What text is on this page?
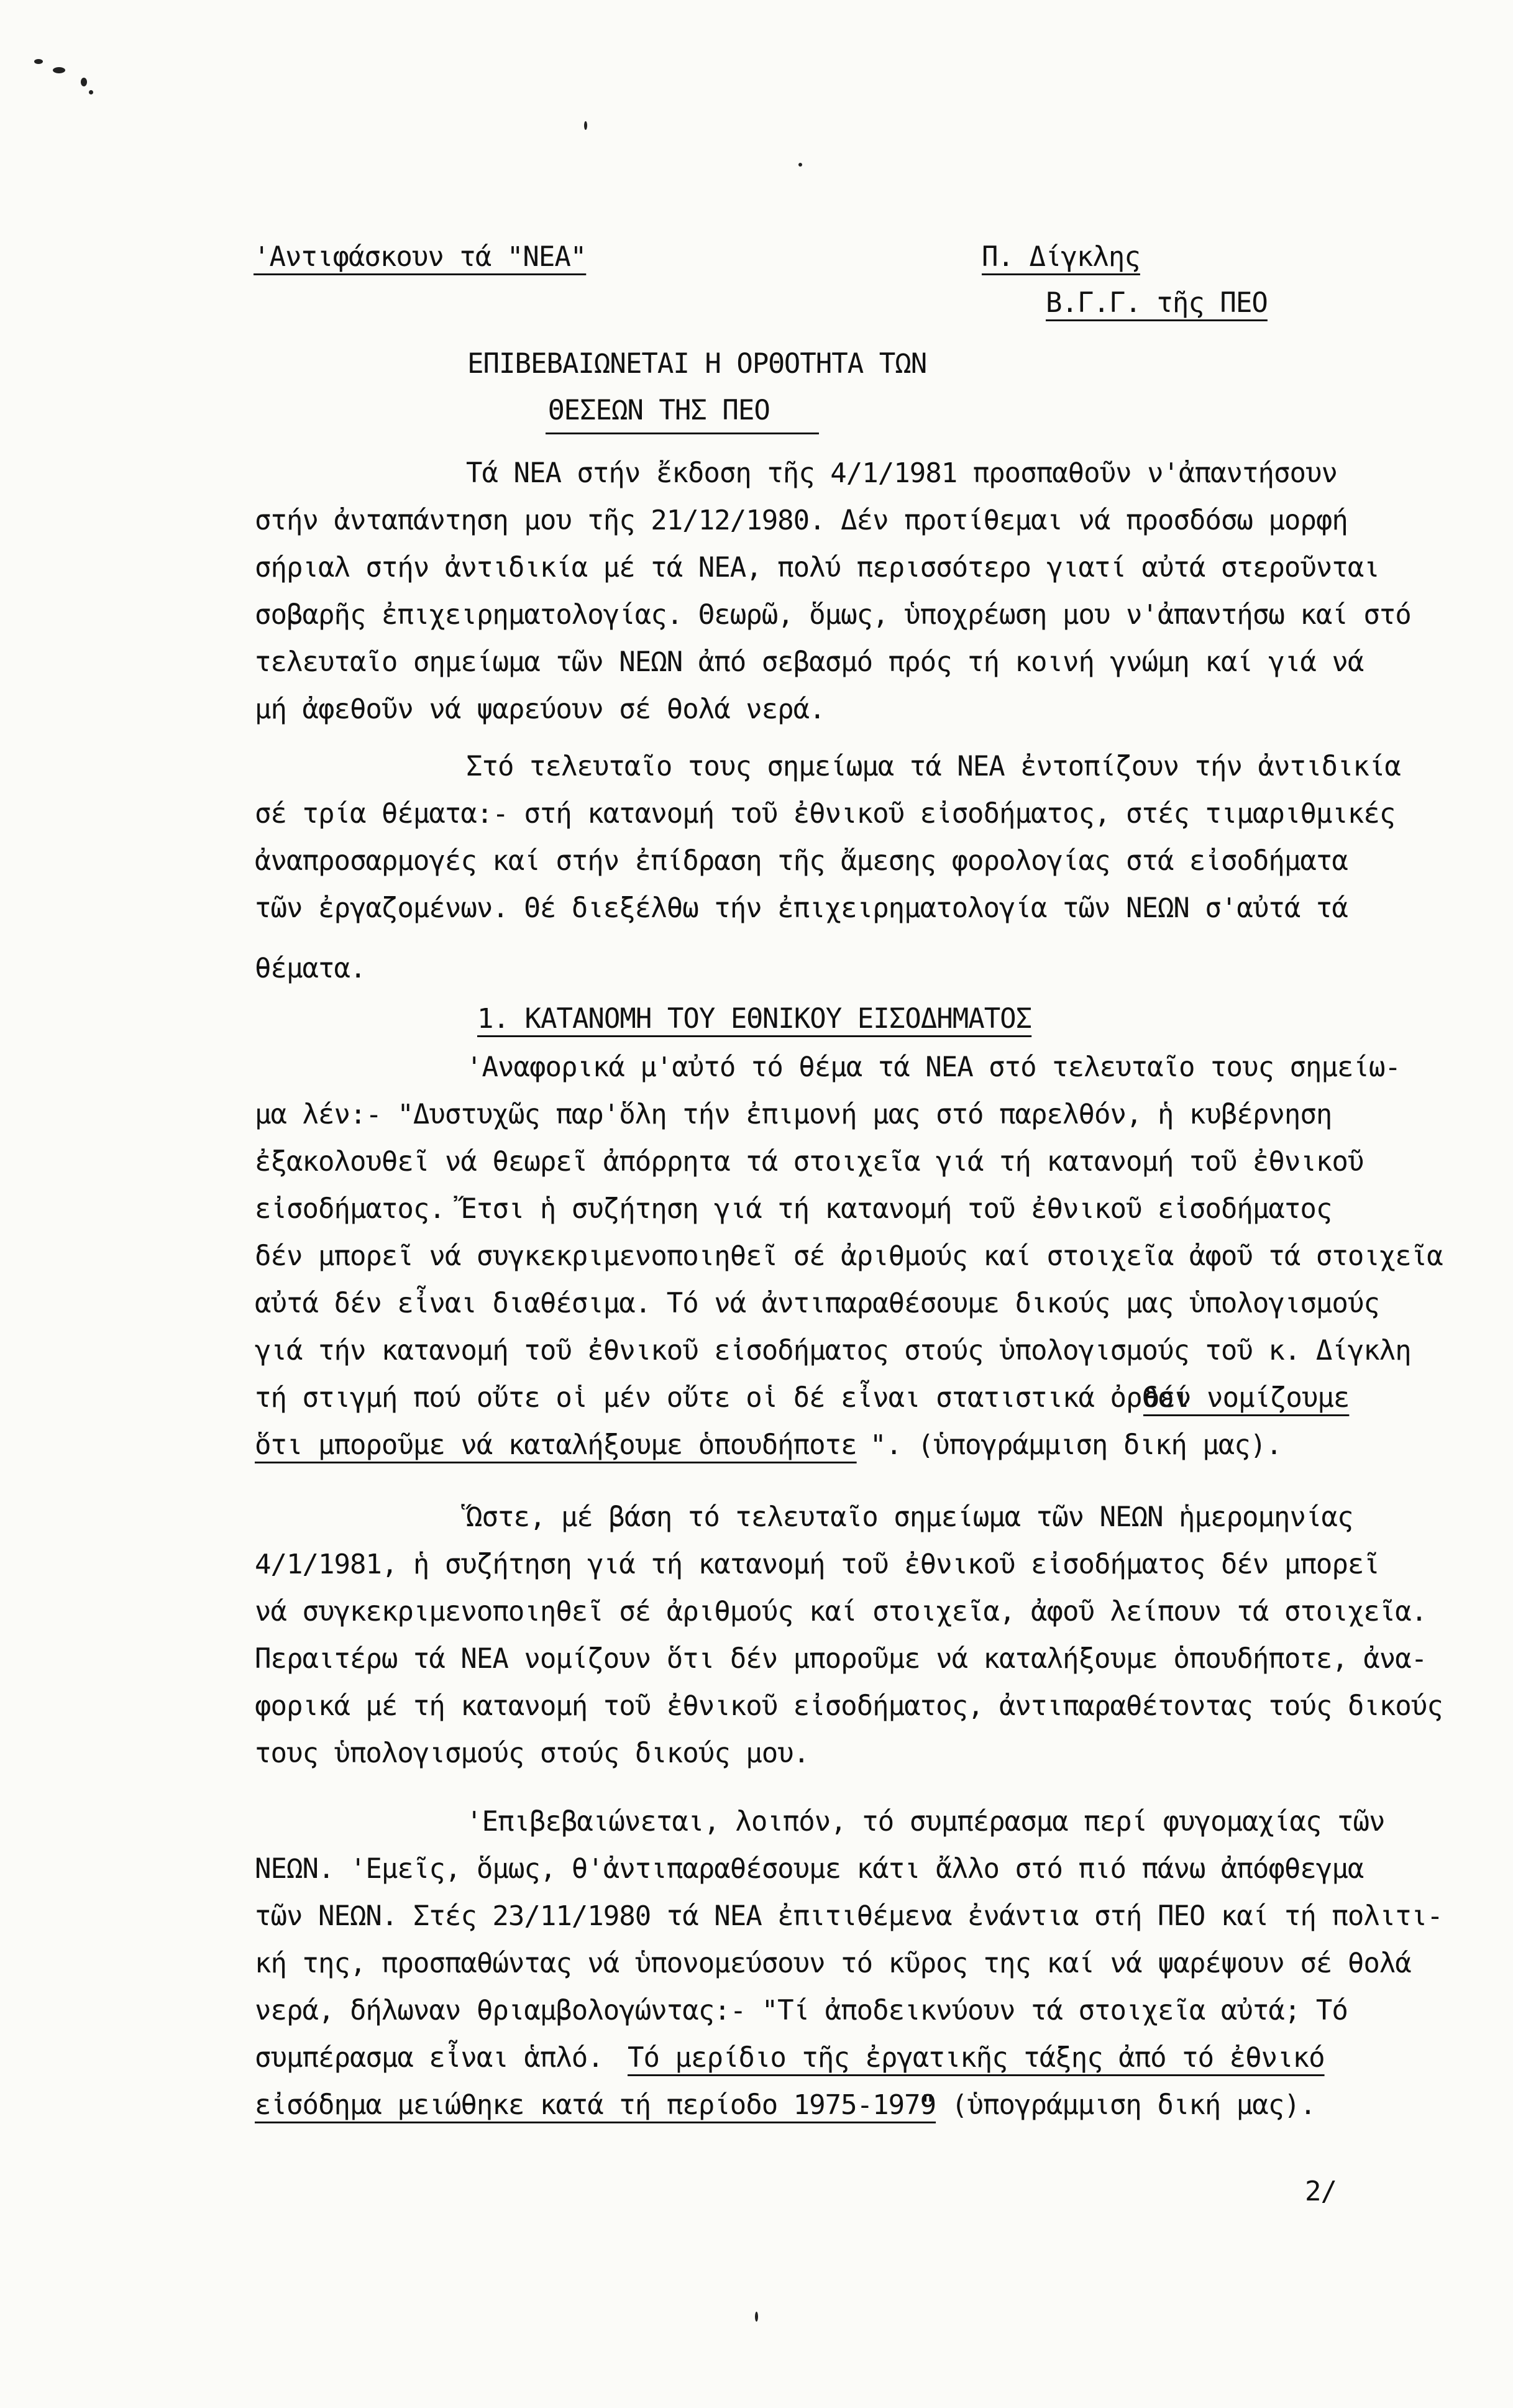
'Αντιφάσκουν τά "ΝΕΑ"	Π. Δίγκλης
Β.Γ.Γ. τῆς ΠΕΟ
ΕΠΙΒΕΒΑΙΩΝΕΤΑΙ Η ΟΡΘΟΤΗΤΑ ΤΩΝ
ΘΕΣΕΩΝ ΤΗΣ ΠΕΟ
Τά ΝΕΑ στήν ἔκδοση τῆς 4/1/1981 προσπαθοῦν ν'ἀπαντήσουν
στήν ἀνταπάντηση μου τῆς 21/12/1980. Δέν προτίθεμαι νά προσδόσω μορφή
σήριαλ στήν ἀντιδικία μέ τά ΝΕΑ, πολύ περισσότερο γιατί αὐτά στεροῦνται
σοβαρῆς ἐπιχειρηματολογίας. Θεωρῶ, ὅμως, ὑποχρέωση μου ν'ἀπαντήσω καί στό
τελευταῖο σημείωμα τῶν ΝΕΩΝ ἀπό σεβασμό πρός τή κοινή γνώμη καί γιά νά
μή ἀφεθοῦν νά ψαρεύουν σέ θολά νερά.
Στό τελευταῖο τους σημείωμα τά ΝΕΑ ἐντοπίζουν τήν ἀντιδικία
σέ τρία θέματα:- στή κατανομή τοῦ ἐθνικοῦ εἰσοδήματος, στές τιμαριθμικές
ἀναπροσαρμογές καί στήν ἐπίδραση τῆς ἄμεσης φορολογίας στά εἰσοδήματα
τῶν ἐργαζομένων. Θέ διεξέλθω τήν ἐπιχειρηματολογία τῶν ΝΕΩΝ σ'αὐτά τά
θέματα.
1. ΚΑΤΑΝΟΜΗ ΤΟΥ ΕΘΝΙΚΟΥ ΕΙΣΟΔΗΜΑΤΟΣ
'Αναφορικά μ'αὐτό τό θέμα τά ΝΕΑ στό τελευταῖο τους σημείω-
μα λέν:- "Δυστυχῶς παρ'ὅλη τήν ἐπιμονή μας στό παρελθόν, ἡ κυβέρνηση
ἐξακολουθεῖ νά θεωρεῖ ἀπόρρητα τά στοιχεῖα γιά τή κατανομή τοῦ ἐθνικοῦ
εἰσοδήματος. Ἔτσι ἡ συζήτηση γιά τή κατανομή τοῦ ἐθνικοῦ εἰσοδήματος
δέν μπορεῖ νά συγκεκριμενοποιηθεῖ σέ ἀριθμούς καί στοιχεῖα ἀφοῦ τά στοιχεῖα
αὐτά δέν εἶναι διαθέσιμα. Τό νά ἀντιπαραθέσουμε δικούς μας ὑπολογισμούς
γιά τήν κατανομή τοῦ ἐθνικοῦ εἰσοδήματος στούς ὑπολογισμούς τοῦ κ. Δίγκλη
τή στιγμή πού οὔτε οἱ μέν οὔτε οἱ δέ εἶναι στατιστικά ὀρθοί
δέν νομίζουμε
ὅτι μποροῦμε νά καταλήξουμε ὁπουδήποτε ". (ὑπογράμμιση δική μας).
Ὥστε, μέ βάση τό τελευταῖο σημείωμα τῶν ΝΕΩΝ ἡμερομηνίας
4/1/1981, ἡ συζήτηση γιά τή κατανομή τοῦ ἐθνικοῦ εἰσοδήματος δέν μπορεῖ
νά συγκεκριμενοποιηθεῖ σέ ἀριθμούς καί στοιχεῖα, ἀφοῦ λείπουν τά στοιχεῖα.
Περαιτέρω τά ΝΕΑ νομίζουν ὅτι δέν μποροῦμε νά καταλήξουμε ὁπουδήποτε, ἀνα-
φορικά μέ τή κατανομή τοῦ ἐθνικοῦ εἰσοδήματος, ἀντιπαραθέτοντας τούς δικούς
τους ὑπολογισμούς στούς δικούς μου.
'Επιβεβαιώνεται, λοιπόν, τό συμπέρασμα περί φυγομαχίας τῶν
ΝΕΩΝ. 'Εμεῖς, ὅμως, θ'ἀντιπαραθέσουμε κάτι ἄλλο στό πιό πάνω ἀπόφθεγμα
τῶν ΝΕΩΝ. Στές 23/11/1980 τά ΝΕΑ ἐπιτιθέμενα ἐνάντια στή ΠΕΟ καί τή πολιτι-
κή της, προσπαθώντας νά ὑπονομεύσουν τό κῦρος της καί νά ψαρέψουν σέ θολά
νερά, δήλωναν θριαμβολογώντας:- "Τί ἀποδεικνύουν τά στοιχεῖα αὐτά; Τό
συμπέρασμα εἶναι ἁπλό. Τό μερίδιο τῆς ἐργατικῆς τάξης ἀπό τό ἐθνικό
εἰσόδημα μειώθηκε κατά τή περίοδο 1975-1979
" (ὑπογράμμιση δική μας).
2/
